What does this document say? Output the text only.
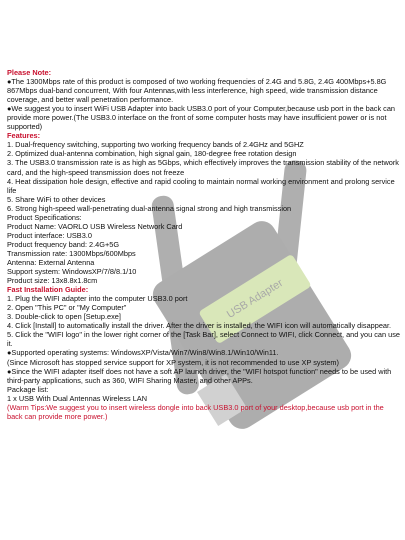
USB Adapter

Please Note:

●The 1300Mbps rate of this product is composed of two working frequencies of 2.4G and 5.8G, 2.4G 400Mbps+5.8G 867Mbps dual-band concurrent, With four Antennas,with less interference, high speed, wide transmission distance coverage, and better wall penetration performance.

●We suggest you to insert WiFi USB Adapter into back USB3.0 port of your Computer,because usb port in the back can provide more power.(The USB3.0 interface on the front of some computer hosts may have insufficient power or is not supported)

Features:

1. Dual-frequency switching, supporting two working frequency bands of 2.4GHz and 5GHZ

2. Optimized dual-antenna combination, high signal gain, 180-degree free rotation design

3. The USB3.0 transmission rate is as high as 5Gbps, which effectively improves the transmission stability of the network card, and the high-speed transmission does not freeze

4. Heat dissipation hole design, effective and rapid cooling to maintain normal working environment and prolong service life

5. Share WiFi to other devices

6. Strong high-speed wall-penetrating dual-antenna signal strong and high transmission

Product Specifications:

Product Name: VAORLO USB Wireless Network Card

Product interface: USB3.0

Product frequency band: 2.4G+5G

Transmission rate: 1300Mbps/600Mbps

Antenna: External Antenna

Support system: WindowsXP/7/8/8.1/10

Product size: 13x8.8x1.8cm

Fast Installation Guide:

1. Plug the WIFI adapter into the computer USB3.0 port

2. Open "This PC" or "My Computer"

3. Double-click to open [Setup.exe]

4. Click [Install] to automatically install the driver. After the driver is installed, the WIFI icon will automatically disappear.

5. Click the "WIFI logo" in the lower right corner of the [Task Bar], select Connect to WIFI, click Connect, and you can use it.

●Supported operating systems: WindowsXP/Vista/Win7/Win8/Win8.1/Win10/Win11.

(Since Microsoft has stopped service support for XP system, it is not recommended to use XP system)

●Since the WIFI adapter itself does not have a soft AP launch driver, the "WIFI hotspot function" needs to be used with third-party applications, such as 360, WIFI Sharing Master, and other APPs.

Package list:

1 x USB With Dual Antennas Wireless LAN

(Warm Tips:We suggest you to insert wireless dongle into back USB3.0 port of your desktop,because usb port in the back can provide more power.)
